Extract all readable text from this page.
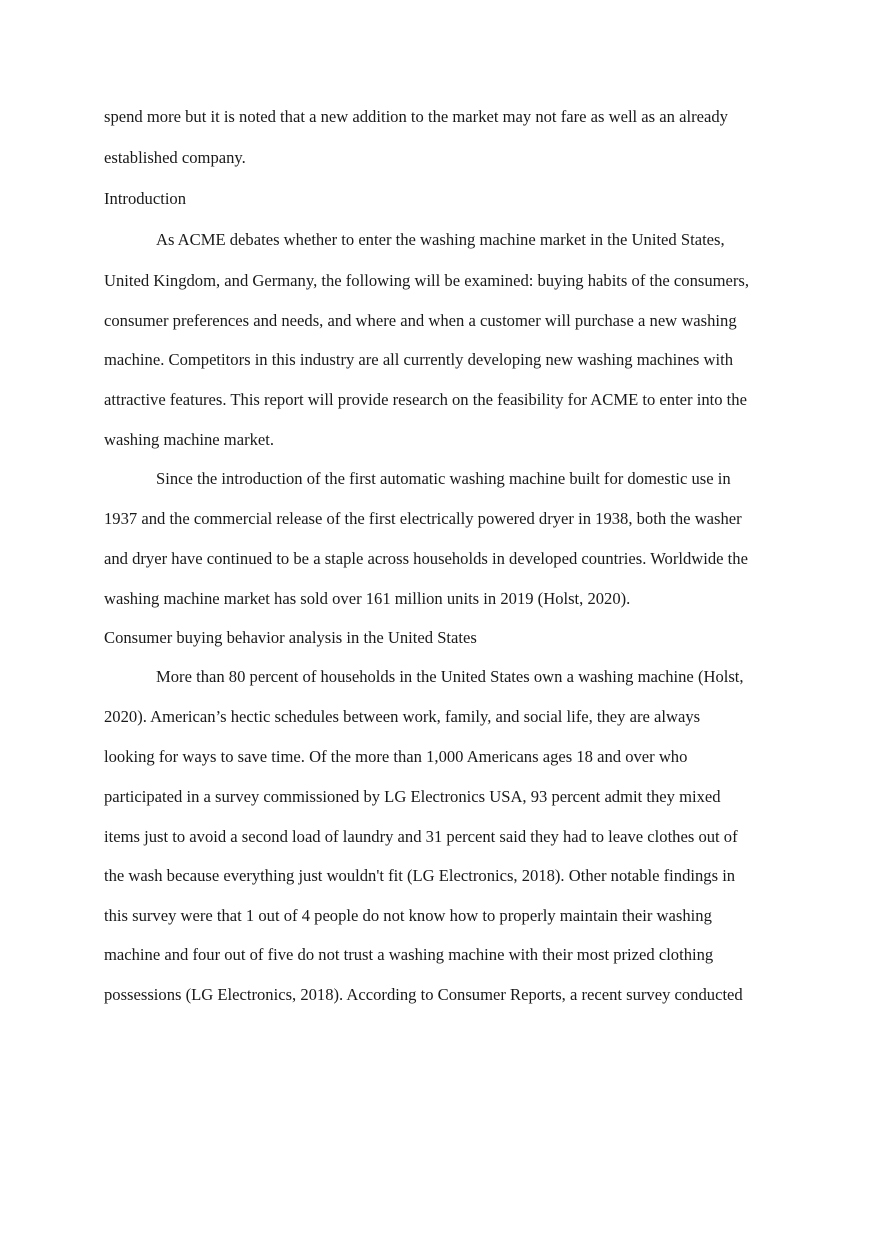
spend more but it is noted that a new addition to the market may not fare as well as an already
established company.
Introduction
As ACME debates whether to enter the washing machine market in the United States,
United Kingdom, and Germany, the following will be examined: buying habits of the consumers,
consumer preferences and needs, and where and when a customer will purchase a new washing
machine. Competitors in this industry are all currently developing new washing machines with
attractive features. This report will provide research on the feasibility for ACME to enter into the
washing machine market.
Since the introduction of the first automatic washing machine built for domestic use in
1937 and the commercial release of the first electrically powered dryer in 1938, both the washer
and dryer have continued to be a staple across households in developed countries. Worldwide the
washing machine market has sold over 161 million units in 2019 (Holst, 2020).
Consumer buying behavior analysis in the United States
More than 80 percent of households in the United States own a washing machine (Holst,
2020). American’s hectic schedules between work, family, and social life, they are always
looking for ways to save time. Of the more than 1,000 Americans ages 18 and over who
participated in a survey commissioned by LG Electronics USA, 93 percent admit they mixed
items just to avoid a second load of laundry and 31 percent said they had to leave clothes out of
the wash because everything just wouldn't fit (LG Electronics, 2018). Other notable findings in
this survey were that 1 out of 4 people do not know how to properly maintain their washing
machine and four out of five do not trust a washing machine with their most prized clothing
possessions (LG Electronics, 2018). According to Consumer Reports, a recent survey conducted
